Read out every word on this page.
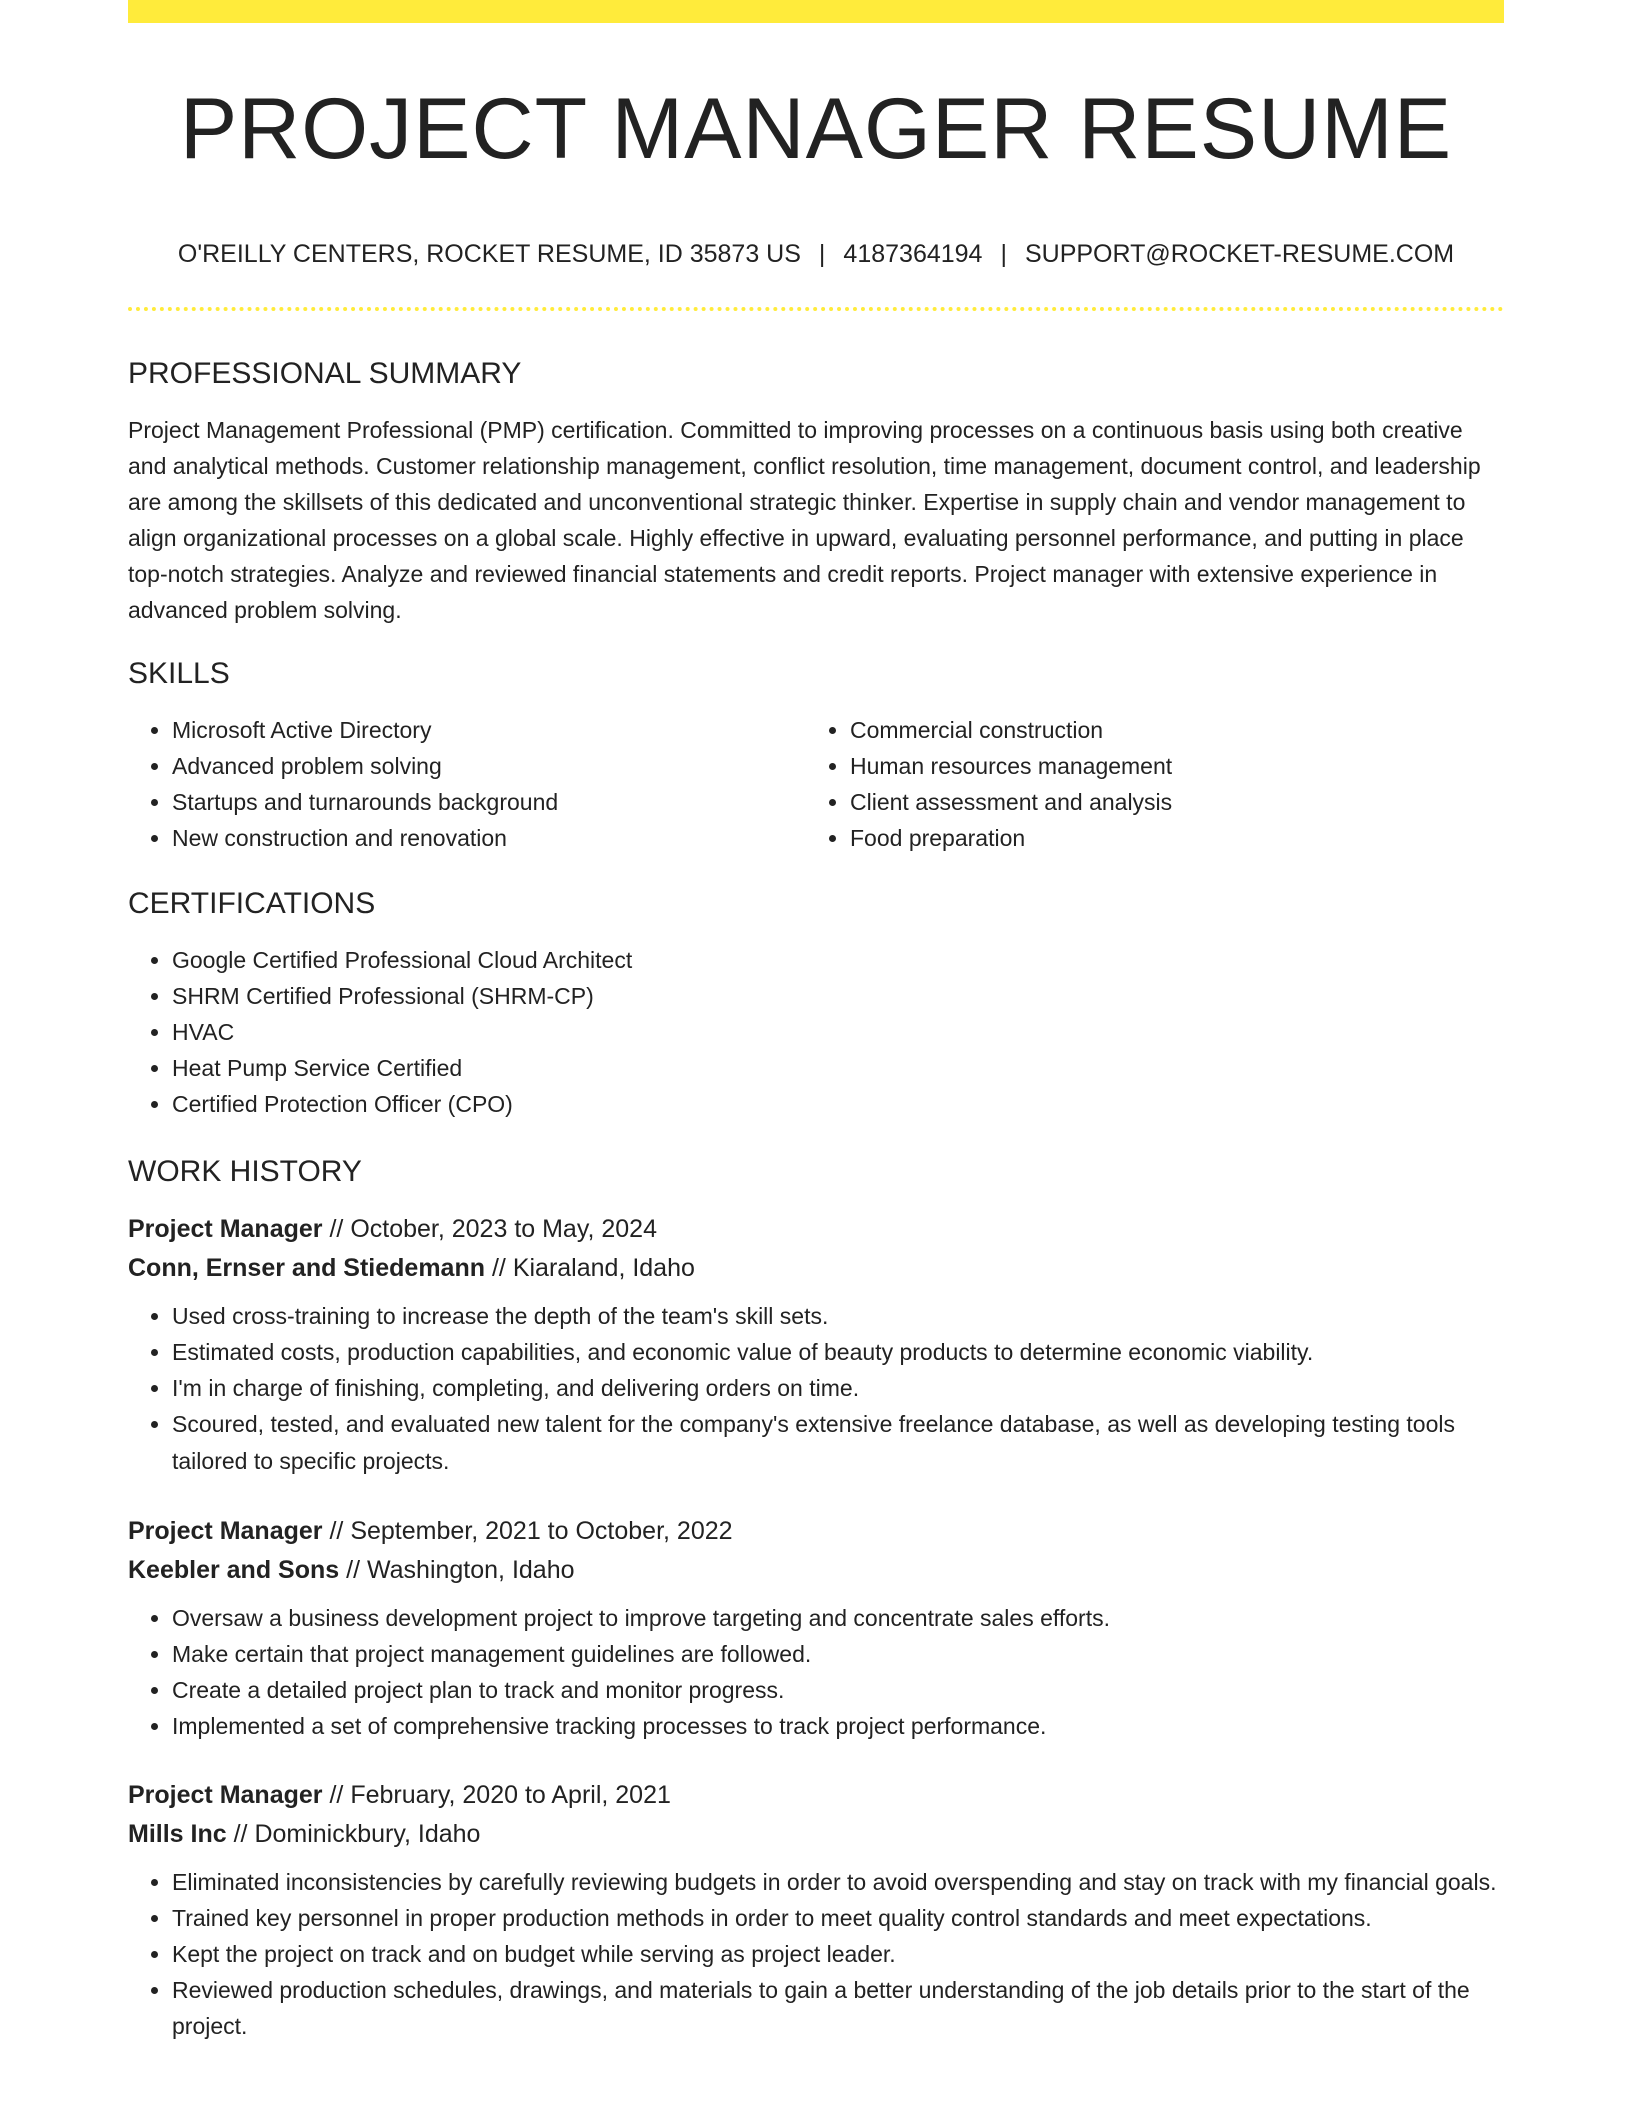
PROJECT MANAGER RESUME
O'REILLY CENTERS, ROCKET RESUME, ID 35873 US | 4187364194 | SUPPORT@ROCKET-RESUME.COM
PROFESSIONAL SUMMARY

Project Management Professional (PMP) certification. Committed to improving processes on a continuous basis using both creative and analytical methods. Customer relationship management, conflict resolution, time management, document control, and leadership are among the skillsets of this dedicated and unconventional strategic thinker. Expertise in supply chain and vendor management to align organizational processes on a global scale. Highly effective in upward, evaluating personnel performance, and putting in place top-notch strategies. Analyze and reviewed financial statements and credit reports. Project manager with extensive experience in advanced problem solving.

SKILLS
• Microsoft Active Directory
• Advanced problem solving
• Startups and turnarounds background
• New construction and renovation
• Commercial construction
• Human resources management
• Client assessment and analysis
• Food preparation
CERTIFICATIONS
• Google Certified Professional Cloud Architect
• SHRM Certified Professional (SHRM-CP)
• HVAC
• Heat Pump Service Certified
• Certified Protection Officer (CPO)
WORK HISTORY

Project Manager // October, 2023 to May, 2024

Conn, Ernser and Stiedemann // Kiaraland, Idaho

• Used cross-training to increase the depth of the team's skill sets.
• Estimated costs, production capabilities, and economic value of beauty products to determine economic viability.
• I'm in charge of finishing, completing, and delivering orders on time.
• Scoured, tested, and evaluated new talent for the company's extensive freelance database, as well as developing testing tools tailored to specific projects.

Project Manager // September, 2021 to October, 2022

Keebler and Sons // Washington, Idaho

• Oversaw a business development project to improve targeting and concentrate sales efforts.
• Make certain that project management guidelines are followed.
• Create a detailed project plan to track and monitor progress.
• Implemented a set of comprehensive tracking processes to track project performance.

Project Manager // February, 2020 to April, 2021

Mills Inc // Dominickbury, Idaho

• Eliminated inconsistencies by carefully reviewing budgets in order to avoid overspending and stay on track with my financial goals.
• Trained key personnel in proper production methods in order to meet quality control standards and meet expectations.
• Kept the project on track and on budget while serving as project leader.
• Reviewed production schedules, drawings, and materials to gain a better understanding of the job details prior to the start of the project.
